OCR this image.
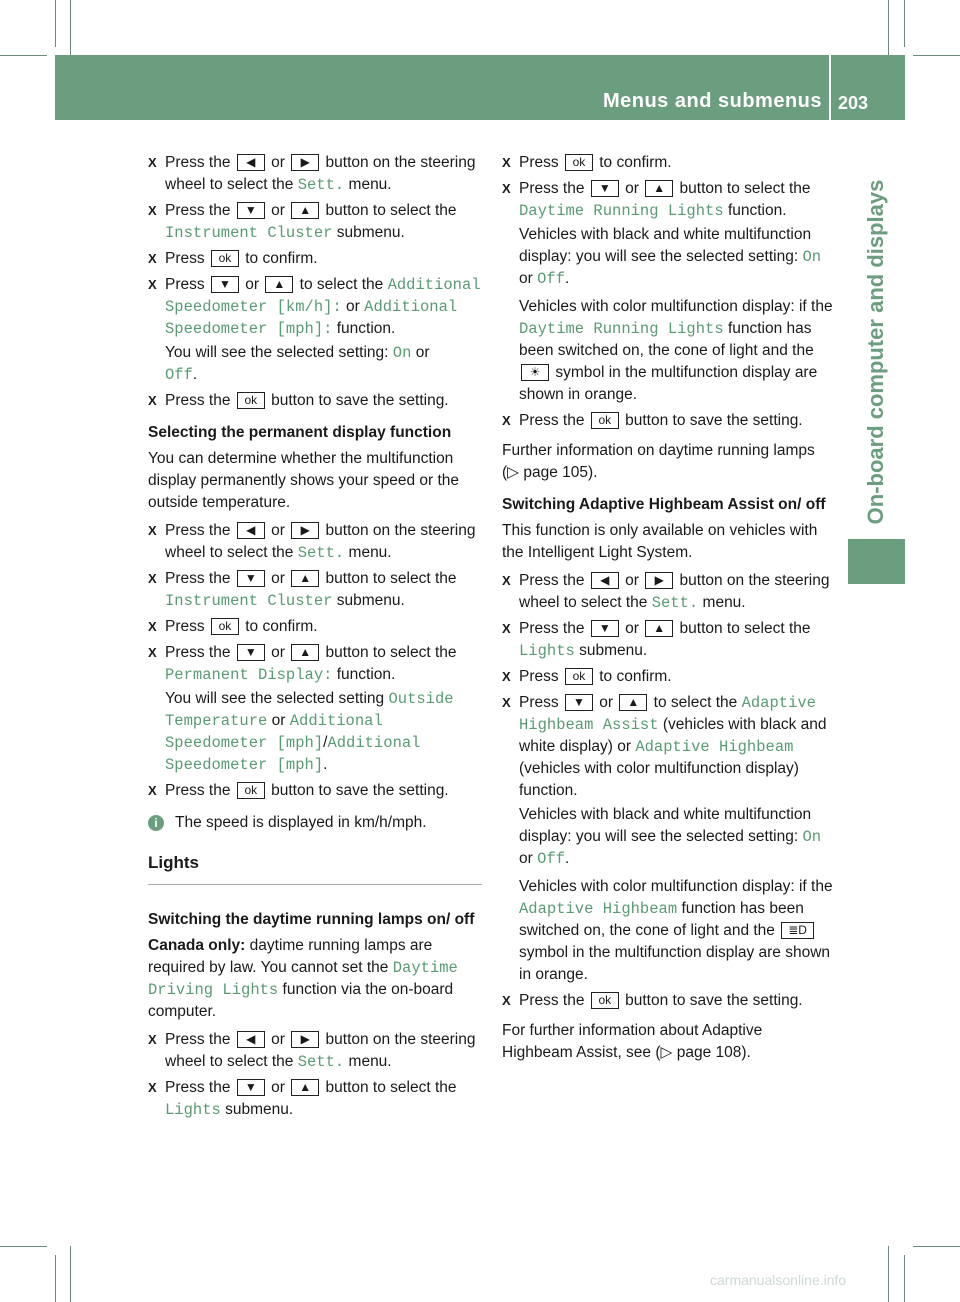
Menus and submenus 203
On-board computer and displays
X Press the ◀ or ▶ button on the steering wheel to select the Sett. menu.
X Press the ▼ or ▲ button to select the Instrument Cluster submenu.
X Press ok to confirm.
X Press ▼ or ▲ to select the Additional Speedometer [km/h]: or Additional Speedometer [mph]: function.
You will see the selected setting: On or
Off.
X Press the ok button to save the setting.
Selecting the permanent display function
You can determine whether the multifunction display permanently shows your speed or the outside temperature.
X Press the ◀ or ▶ button on the steering wheel to select the Sett. menu.
X Press the ▼ or ▲ button to select the Instrument Cluster submenu.
X Press ok to confirm.
X Press the ▼ or ▲ button to select the Permanent Display: function.
You will see the selected setting Outside Temperature or Additional Speedometer [mph]/Additional Speedometer [mph].
X Press the ok button to save the setting.
i	The speed is displayed in km/h/mph.
Lights
Switching the daytime running lamps on/ off
Canada only: daytime running lamps are required by law. You cannot set the Daytime Driving Lights function via the on-board computer.
X Press the ◀ or ▶ button on the steering wheel to select the Sett. menu.
X Press the ▼ or ▲ button to select the Lights submenu.
X Press ok to confirm.
X Press the ▼ or ▲ button to select the Daytime Running Lights function.
Vehicles with black and white multifunction display: you will see the selected setting: On or Off.
Vehicles with color multifunction display: if the Daytime Running Lights function has been switched on, the cone of light and the ☀ symbol in the multifunction display are shown in orange.
X Press the ok button to save the setting.
Further information on daytime running lamps (▷ page 105).
Switching Adaptive Highbeam Assist on/ off
This function is only available on vehicles with the Intelligent Light System.
X Press the ◀ or ▶ button on the steering wheel to select the Sett. menu.
X Press the ▼ or ▲ button to select the Lights submenu.
X Press ok to confirm.
X Press ▼ or ▲ to select the Adaptive Highbeam Assist (vehicles with black and white display) or Adaptive Highbeam (vehicles with color multifunction display) function.
Vehicles with black and white multifunction display: you will see the selected setting: On or Off.
Vehicles with color multifunction display: if the Adaptive Highbeam function has been switched on, the cone of light and the ≣D symbol in the multifunction display are shown in orange.
X Press the ok button to save the setting.
For further information about Adaptive Highbeam Assist, see (▷ page 108).
carmanualsonline.info
